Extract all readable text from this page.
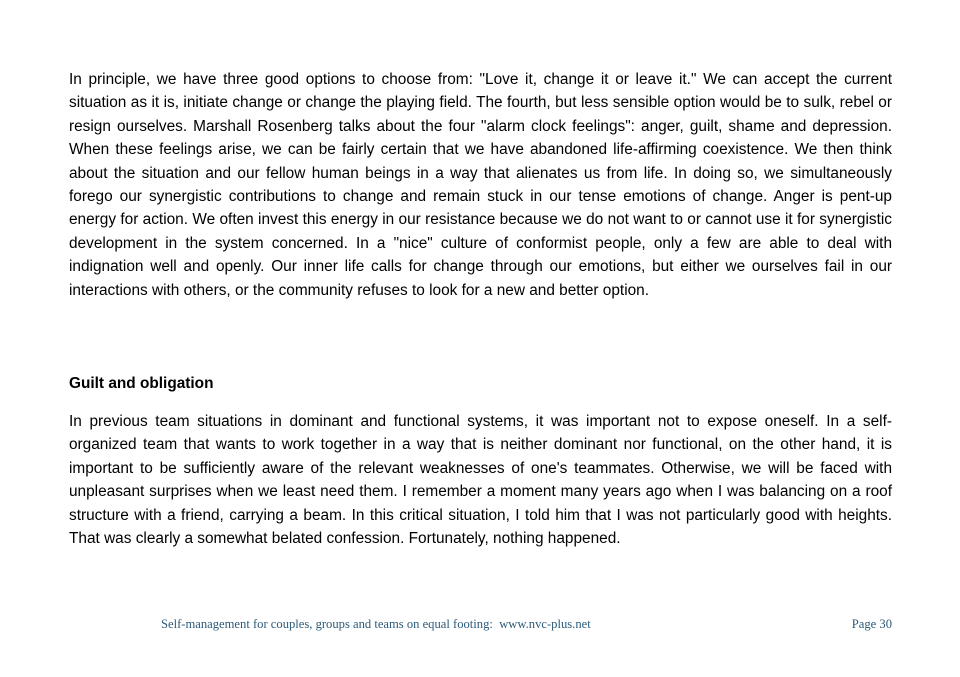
In principle, we have three good options to choose from: "Love it, change it or leave it." We can accept the current situation as it is, initiate change or change the playing field. The fourth, but less sensible option would be to sulk, rebel or resign ourselves. Marshall Rosenberg talks about the four "alarm clock feelings": anger, guilt, shame and depression. When these feelings arise, we can be fairly certain that we have abandoned life-affirming coexistence. We then think about the situation and our fellow human beings in a way that alienates us from life. In doing so, we simultaneously forego our synergistic contributions to change and remain stuck in our tense emotions of change. Anger is pent-up energy for action. We often invest this energy in our resistance because we do not want to or cannot use it for synergistic development in the system concerned. In a "nice" culture of conformist people, only a few are able to deal with indignation well and openly. Our inner life calls for change through our emotions, but either we ourselves fail in our interactions with others, or the community refuses to look for a new and better option.

Guilt and obligation

In previous team situations in dominant and functional systems, it was important not to expose oneself. In a self-organized team that wants to work together in a way that is neither dominant nor functional, on the other hand, it is important to be sufficiently aware of the relevant weaknesses of one's teammates. Otherwise, we will be faced with unpleasant surprises when we least need them. I remember a moment many years ago when I was balancing on a roof structure with a friend, carrying a beam. In this critical situation, I told him that I was not particularly good with heights. That was clearly a somewhat belated confession. Fortunately, nothing happened.

Self-management for couples, groups and teams on equal footing:  www.nvc-plus.net	Page 30
